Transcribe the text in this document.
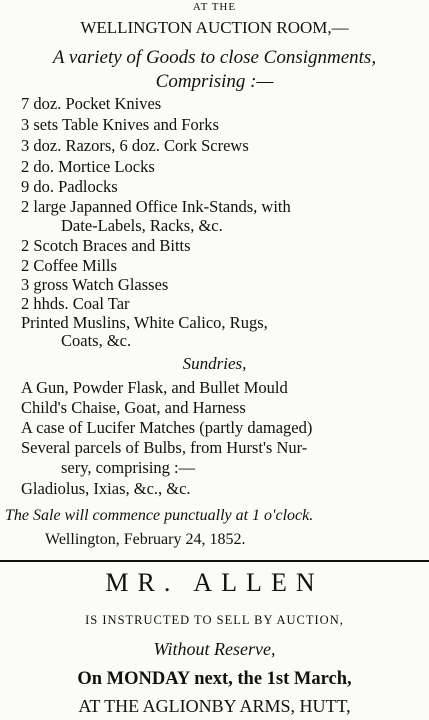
AT THE
WELLINGTON AUCTION ROOM,—
A variety of Goods to close Consignments,
Comprising :—
7 doz. Pocket Knives
3 sets Table Knives and Forks
3 doz. Razors, 6 doz. Cork Screws
2 do. Mortice Locks
9 do. Padlocks
2 large Japanned Office Ink-Stands, with
Date-Labels, Racks, &c.
2 Scotch Braces and Bitts
2 Coffee Mills
3 gross Watch Glasses
2 hhds. Coal Tar
Printed Muslins, White Calico, Rugs,
Coats, &c.
Sundries,
A Gun, Powder Flask, and Bullet Mould
Child's Chaise, Goat, and Harness
A case of Lucifer Matches (partly damaged)
Several parcels of Bulbs, from Hurst's Nur-
sery, comprising :—
Gladiolus, Ixias, &c., &c.
The Sale will commence punctually at 1 o'clock.
Wellington, February 24, 1852.
MR. ALLEN
IS INSTRUCTED TO SELL BY AUCTION,
Without Reserve,
On MONDAY next, the 1st March,
AT THE AGLIONBY ARMS, HUTT,
